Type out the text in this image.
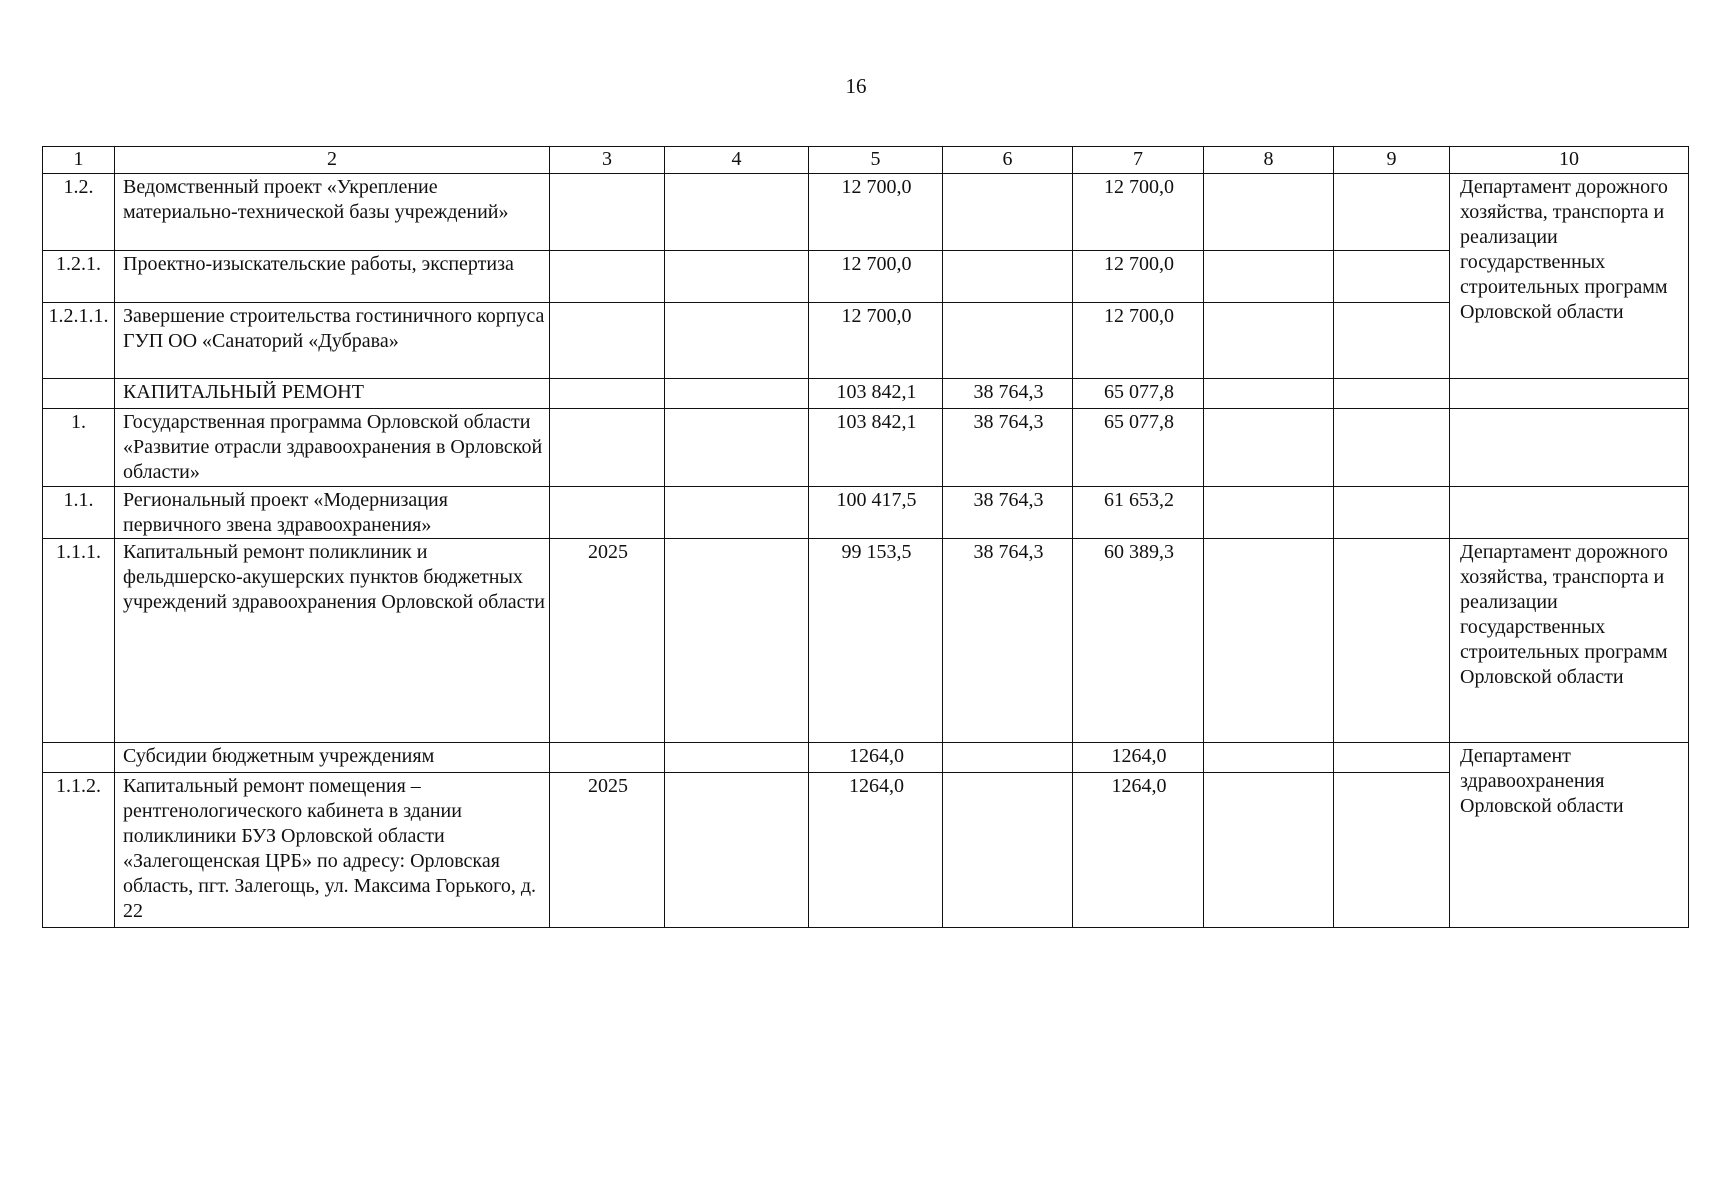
16
1	2	3	4	5	6	7	8	9	10
1.2.	Ведомственный проект «Укрепление материально-технической базы учреждений»			12 700,0		12 700,0			Департамент дорожного хозяйства, транспорта и реализации государственных строительных программ Орловской области
1.2.1.	Проектно-изыскательские работы, экспертиза			12 700,0		12 700,0			
1.2.1.1.	Завершение строительства гостиничного корпуса ГУП ОО «Санаторий «Дубрава»			12 700,0		12 700,0			
	КАПИТАЛЬНЫЙ РЕМОНТ			103 842,1	38 764,3	65 077,8			
1.	Государственная программа Орловской области «Развитие отрасли здравоохранения в Орловской области»			103 842,1	38 764,3	65 077,8			
1.1.	Региональный проект «Модернизация первичного звена здравоохранения»			100 417,5	38 764,3	61 653,2			
1.1.1.	Капитальный ремонт поликлиник и фельдшерско-акушерских пунктов бюджетных учреждений здравоохранения Орловской области	2025		99 153,5	38 764,3	60 389,3			Департамент дорожного хозяйства, транспорта и реализации государственных строительных программ Орловской области
	Субсидии бюджетным учреждениям			1264,0		1264,0			Департамент здравоохранения Орловской области
1.1.2.	Капитальный ремонт помещения – рентгенологического кабинета в здании поликлиники БУЗ Орловской области «Залегощенская ЦРБ» по адресу: Орловская область, пгт. Залегощь, ул. Максима Горького, д. 22	2025		1264,0		1264,0			
